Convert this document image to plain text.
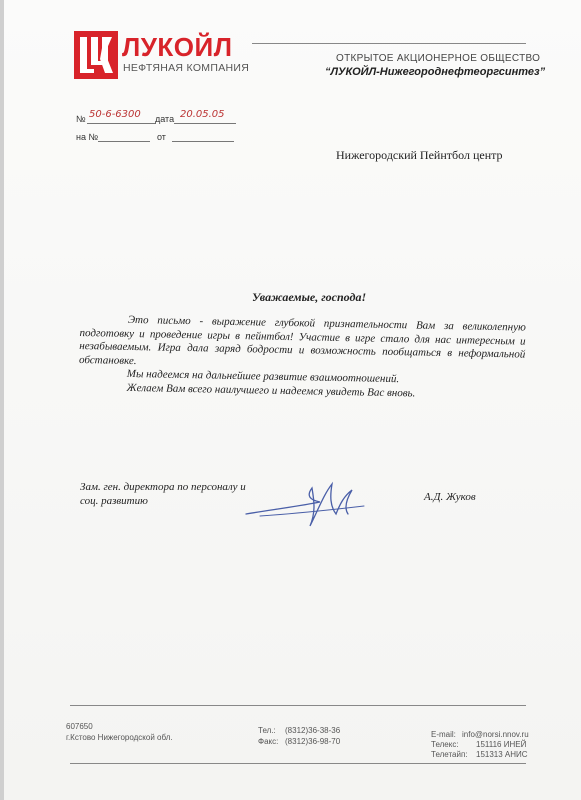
ЛУКОЙЛ
НЕФТЯНАЯ КОМПАНИЯ
ОТКРЫТОЕ АКЦИОНЕРНОЕ ОБЩЕСТВО
“ЛУКОЙЛ-Нижегороднефтеоргсинтез”
№ 50-6-6300 дата 20.05.05
на №	от
Нижегородский Пейнтбол центр
Уважаемые, господа!

Это письмо - выражение глубокой признательности Вам за великолепную подготовку и проведение игры в пейнтбол! Участие в игре стало для нас интересным и незабываемым. Игра дала заряд бодрости и возможность пообщаться в неформальной обстановке.

Мы надеемся на дальнейшее развитие взаимоотношений.

Желаем Вам всего наилучшего и надеемся увидеть Вас вновь.

Зам. ген. директора по персоналу и соц. развитию	А.Д. Жуков
607650
г.Кстово Нижегородской обл.
Тел.: (8312)36-38-36
Факс: (8312)36-98-70
E-mail: info@norsi.nnov.ru
Телекс: 151116 ИНЕЙ
Телетайп: 151313 АНИС
